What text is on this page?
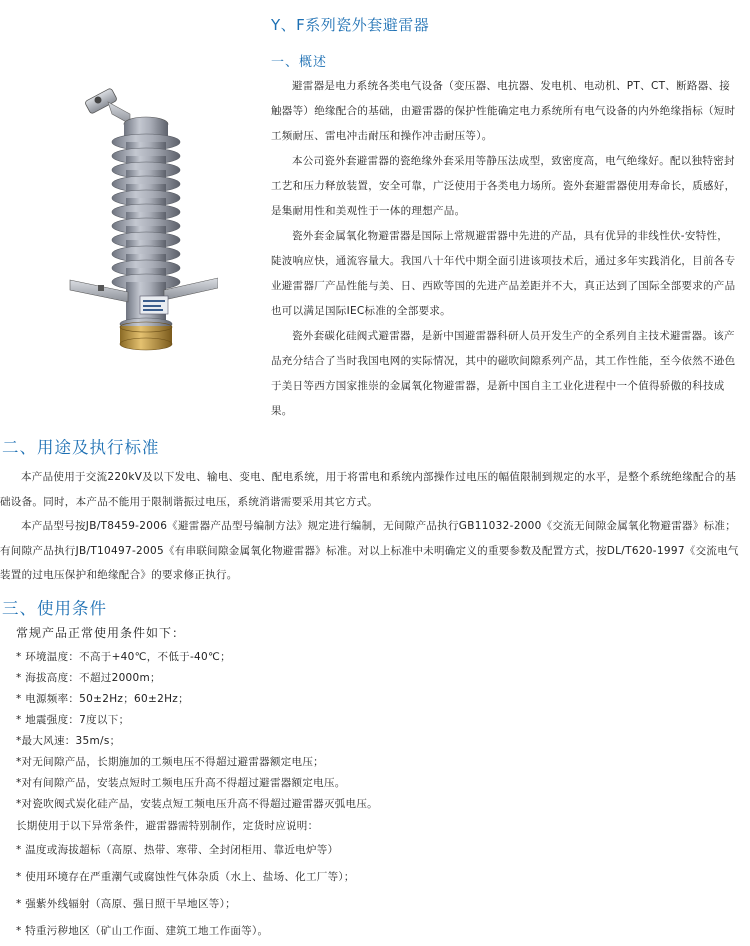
Y、F系列瓷外套避雷器
一、概述

避雷器是电力系统各类电气设备（变压器、电抗器、发电机、电动机、PT、CT、断路器、接触器等）绝缘配合的基础，由避雷器的保护性能确定电力系统所有电气设备的内外绝缘指标（短时工频耐压、雷电冲击耐压和操作冲击耐压等）。

本公司瓷外套避雷器的瓷绝缘外套采用等静压法成型，致密度高，电气绝缘好。配以独特密封工艺和压力释放装置，安全可靠，广泛使用于各类电力场所。瓷外套避雷器使用寿命长，质感好，是集耐用性和美观性于一体的理想产品。

瓷外套金属氧化物避雷器是国际上常规避雷器中先进的产品，具有优异的非线性伏-安特性，陡波响应快，通流容量大。我国八十年代中期全面引进该项技术后，通过多年实践消化，目前各专业避雷器厂产品性能与美、日、西欧等国的先进产品差距并不大，真正达到了国际全部要求的产品也可以满足国际IEC标准的全部要求。

瓷外套碳化硅阀式避雷器，是新中国避雷器科研人员开发生产的全系列自主技术避雷器。该产品充分结合了当时我国电网的实际情况，其中的磁吹间隙系列产品，其工作性能，至今依然不逊色于美日等西方国家推崇的金属氧化物避雷器，是新中国自主工业化进程中一个值得骄傲的科技成果。

二、用途及执行标准

本产品使用于交流220kV及以下发电、输电、变电、配电系统，用于将雷电和系统内部操作过电压的幅值限制到规定的水平，是整个系统绝缘配合的基础设备。同时，本产品不能用于限制谐振过电压，系统消谐需要采用其它方式。

本产品型号按JB/T8459-2006《避雷器产品型号编制方法》规定进行编制，无间隙产品执行GB11032-2000《交流无间隙金属氧化物避雷器》标准；有间隙产品执行JB/T10497-2005《有串联间隙金属氧化物避雷器》标准。对以上标准中未明确定义的重要参数及配置方式，按DL/T620-1997《交流电气装置的过电压保护和绝缘配合》的要求修正执行。

三、使用条件
常规产品正常使用条件如下：
* 环境温度：不高于+40℃，不低于-40℃；
* 海拔高度：不超过2000m；
* 电源频率：50±2Hz；60±2Hz；
* 地震强度：7度以下；
*最大风速：35m/s；
*对无间隙产品，长期施加的工频电压不得超过避雷器额定电压；
*对有间隙产品，安装点短时工频电压升高不得超过避雷器额定电压。
*对瓷吹阀式炭化硅产品，安装点短工频电压升高不得超过避雷器灭弧电压。
长期使用于以下异常条件，避雷器需特别制作，定货时应说明：
* 温度或海拔超标（高原、热带、寒带、全封闭柜用、靠近电炉等）
* 使用环境存在严重潮气或腐蚀性气体杂质（水上、盐场、化工厂等）；
* 强紫外线辐射（高原、强日照干旱地区等）；
* 特重污秽地区（矿山工作面、建筑工地工作面等）。
